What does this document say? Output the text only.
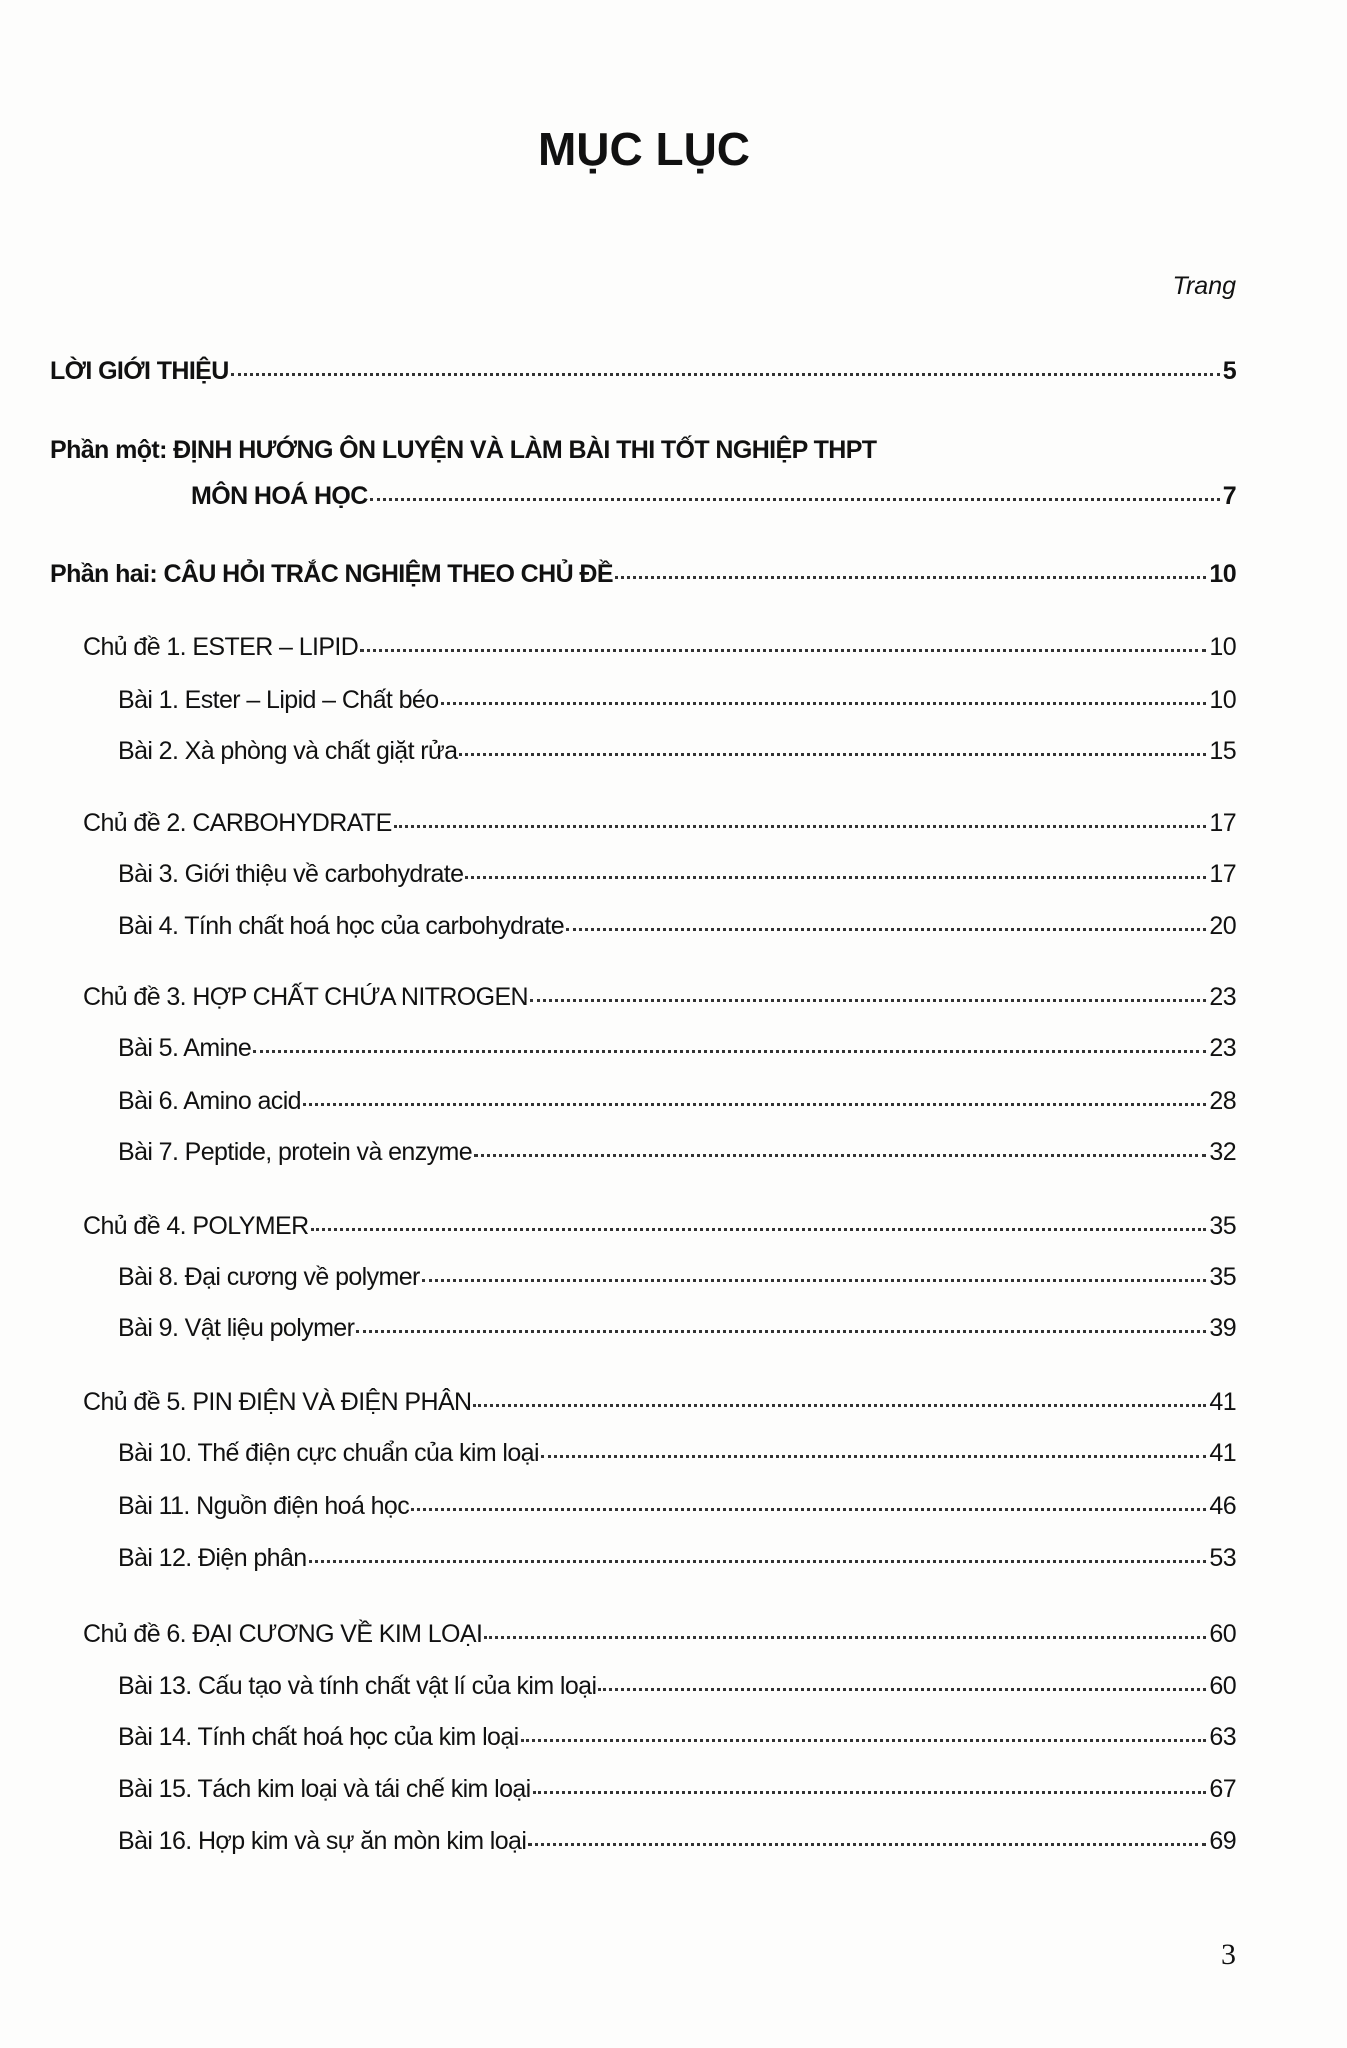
MỤC LỤC
Trang
LỜI GIỚI THIỆU	5
Phần một: ĐỊNH HƯỚNG ÔN LUYỆN VÀ LÀM BÀI THI TỐT NGHIỆP THPT
MÔN HOÁ HỌC	7
Phần hai: CÂU HỎI TRẮC NGHIỆM THEO CHỦ ĐỀ	10
Chủ đề 1. ESTER – LIPID	10
Bài 1. Ester – Lipid – Chất béo	10
Bài 2. Xà phòng và chất giặt rửa	15
Chủ đề 2. CARBOHYDRATE	17
Bài 3. Giới thiệu về carbohydrate	17
Bài 4. Tính chất hoá học của carbohydrate	20
Chủ đề 3. HỢP CHẤT CHỨA NITROGEN	23
Bài 5. Amine	23
Bài 6. Amino acid	28
Bài 7. Peptide, protein và enzyme	32
Chủ đề 4. POLYMER	35
Bài 8. Đại cương về polymer	35
Bài 9. Vật liệu polymer	39
Chủ đề 5. PIN ĐIỆN VÀ ĐIỆN PHÂN	41
Bài 10. Thế điện cực chuẩn của kim loại	41
Bài 11. Nguồn điện hoá học	46
Bài 12. Điện phân	53
Chủ đề 6. ĐẠI CƯƠNG VỀ KIM LOẠI	60
Bài 13. Cấu tạo và tính chất vật lí của kim loại	60
Bài 14. Tính chất hoá học của kim loại	63
Bài 15. Tách kim loại và tái chế kim loại	67
Bài 16. Hợp kim và sự ăn mòn kim loại	69
3
